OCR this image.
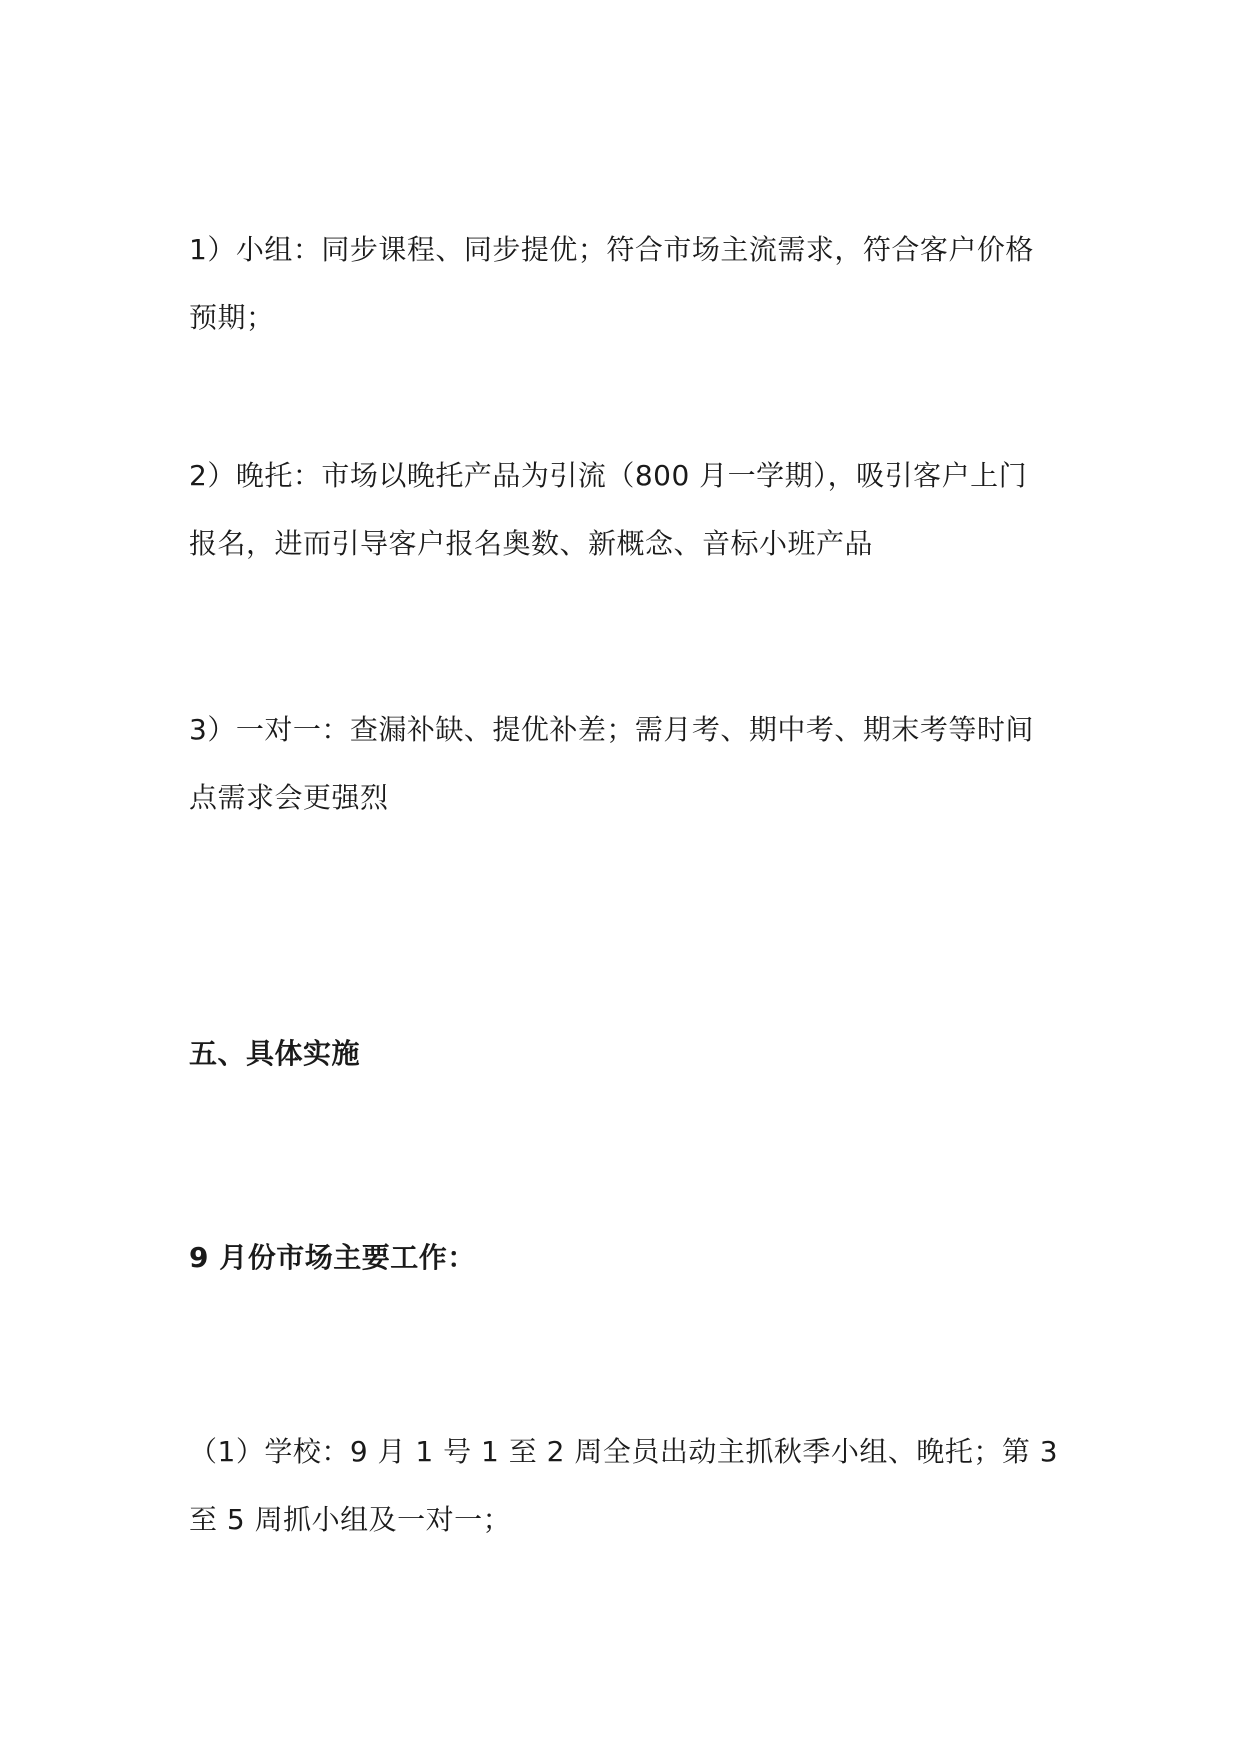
1）小组：同步课程、同步提优；符合市场主流需求，符合客户价格
预期；
2）晚托：市场以晚托产品为引流（800 月一学期），吸引客户上门
报名，进而引导客户报名奥数、新概念、音标小班产品
3）一对一：查漏补缺、提优补差；需月考、期中考、期末考等时间
点需求会更强烈
五、具体实施
9 月份市场主要工作：
（1）学校：9 月 1 号 1 至 2 周全员出动主抓秋季小组、晚托；第 3
至 5 周抓小组及一对一；
